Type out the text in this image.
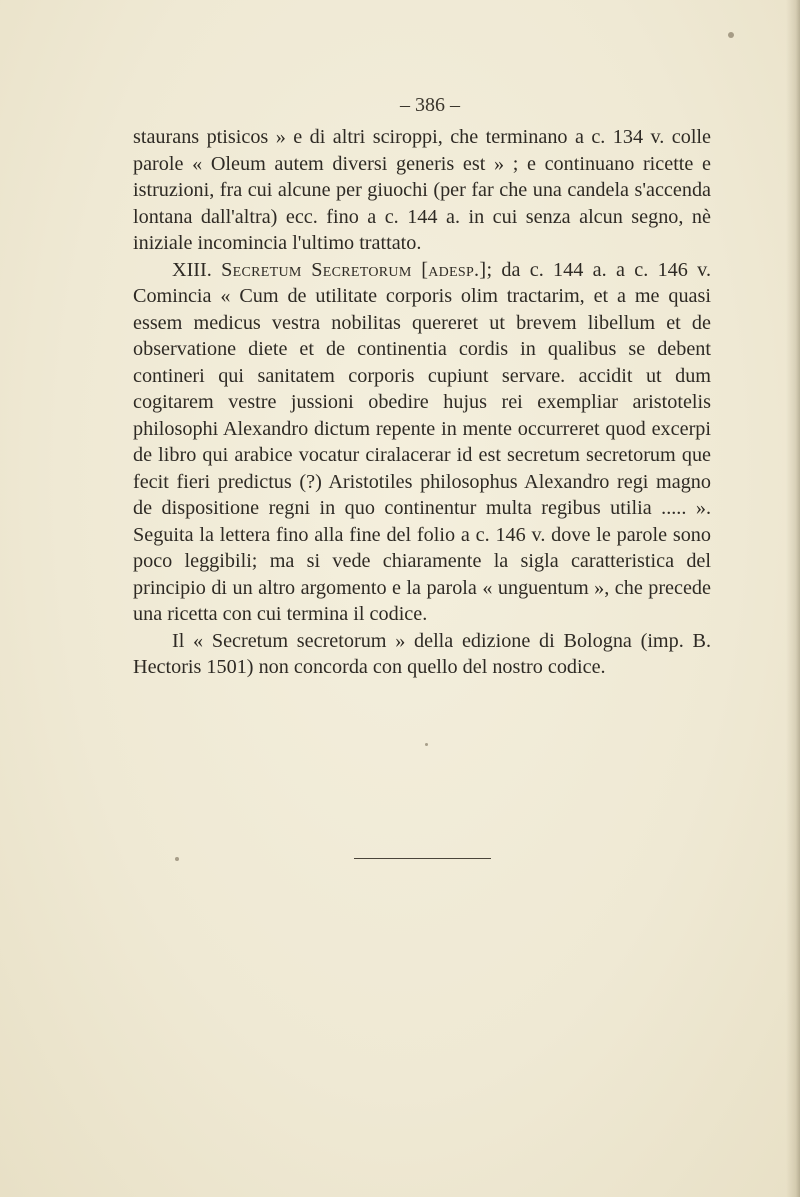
– 386 –

staurans ptisicos » e di altri sciroppi, che terminano a c. 134 v. colle parole « Oleum autem diversi generis est » ; e continuano ricette e istruzioni, fra cui alcune per giuochi (per far che una candela s'accenda lontana dall'altra) ecc. fino a c. 144 a. in cui senza alcun segno, nè iniziale incomincia l'ultimo trattato.

XIII. Secretum Secretorum [adesp.]; da c. 144 a. a c. 146 v. Comincia « Cum de utilitate corporis olim tractarim, et a me quasi essem medicus vestra nobilitas quereret ut brevem libellum et de observatione diete et de continentia cordis in qualibus se debent contineri qui sanitatem corporis cupiunt servare. accidit ut dum cogitarem vestre jussioni obedire hujus rei exempliar aristotelis philosophi Alexandro dictum repente in mente occurreret quod excerpi de libro qui arabice vocatur ciralacerar id est secretum secretorum que fecit fieri predictus (?) Aristotiles philosophus Alexandro regi magno de dispositione regni in quo continentur multa regibus utilia ..... ». Seguita la lettera fino alla fine del folio a c. 146 v. dove le parole sono poco leggibili; ma si vede chiaramente la sigla caratteristica del principio di un altro argomento e la parola « unguentum », che precede una ricetta con cui termina il codice.

Il « Secretum secretorum » della edizione di Bologna (imp. B. Hectoris 1501) non concorda con quello del nostro codice.
